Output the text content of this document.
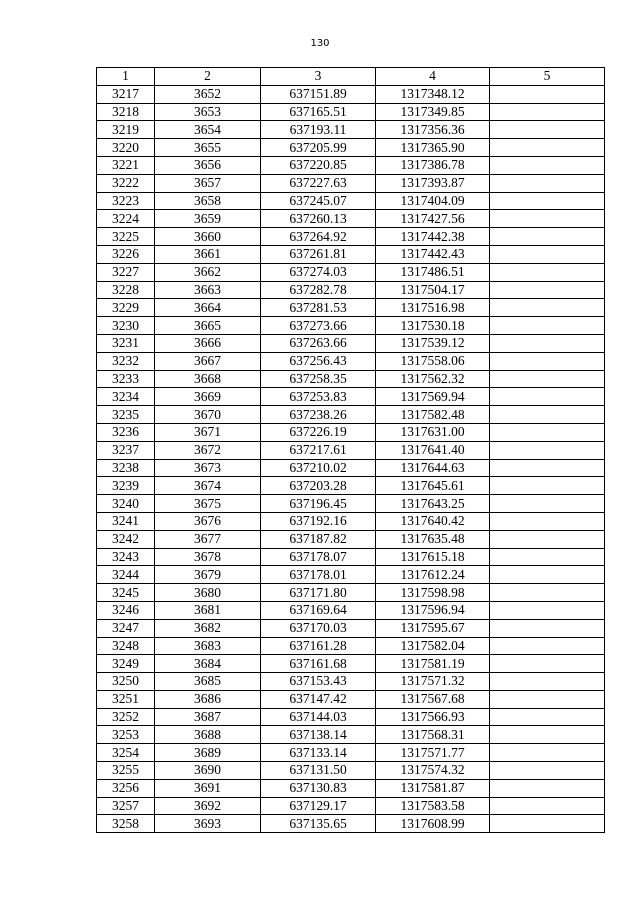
130
1	2	3	4	5
3217	3652	637151.89	1317348.12	
3218	3653	637165.51	1317349.85	
3219	3654	637193.11	1317356.36	
3220	3655	637205.99	1317365.90	
3221	3656	637220.85	1317386.78	
3222	3657	637227.63	1317393.87	
3223	3658	637245.07	1317404.09	
3224	3659	637260.13	1317427.56	
3225	3660	637264.92	1317442.38	
3226	3661	637261.81	1317442.43	
3227	3662	637274.03	1317486.51	
3228	3663	637282.78	1317504.17	
3229	3664	637281.53	1317516.98	
3230	3665	637273.66	1317530.18	
3231	3666	637263.66	1317539.12	
3232	3667	637256.43	1317558.06	
3233	3668	637258.35	1317562.32	
3234	3669	637253.83	1317569.94	
3235	3670	637238.26	1317582.48	
3236	3671	637226.19	1317631.00	
3237	3672	637217.61	1317641.40	
3238	3673	637210.02	1317644.63	
3239	3674	637203.28	1317645.61	
3240	3675	637196.45	1317643.25	
3241	3676	637192.16	1317640.42	
3242	3677	637187.82	1317635.48	
3243	3678	637178.07	1317615.18	
3244	3679	637178.01	1317612.24	
3245	3680	637171.80	1317598.98	
3246	3681	637169.64	1317596.94	
3247	3682	637170.03	1317595.67	
3248	3683	637161.28	1317582.04	
3249	3684	637161.68	1317581.19	
3250	3685	637153.43	1317571.32	
3251	3686	637147.42	1317567.68	
3252	3687	637144.03	1317566.93	
3253	3688	637138.14	1317568.31	
3254	3689	637133.14	1317571.77	
3255	3690	637131.50	1317574.32	
3256	3691	637130.83	1317581.87	
3257	3692	637129.17	1317583.58	
3258	3693	637135.65	1317608.99	
